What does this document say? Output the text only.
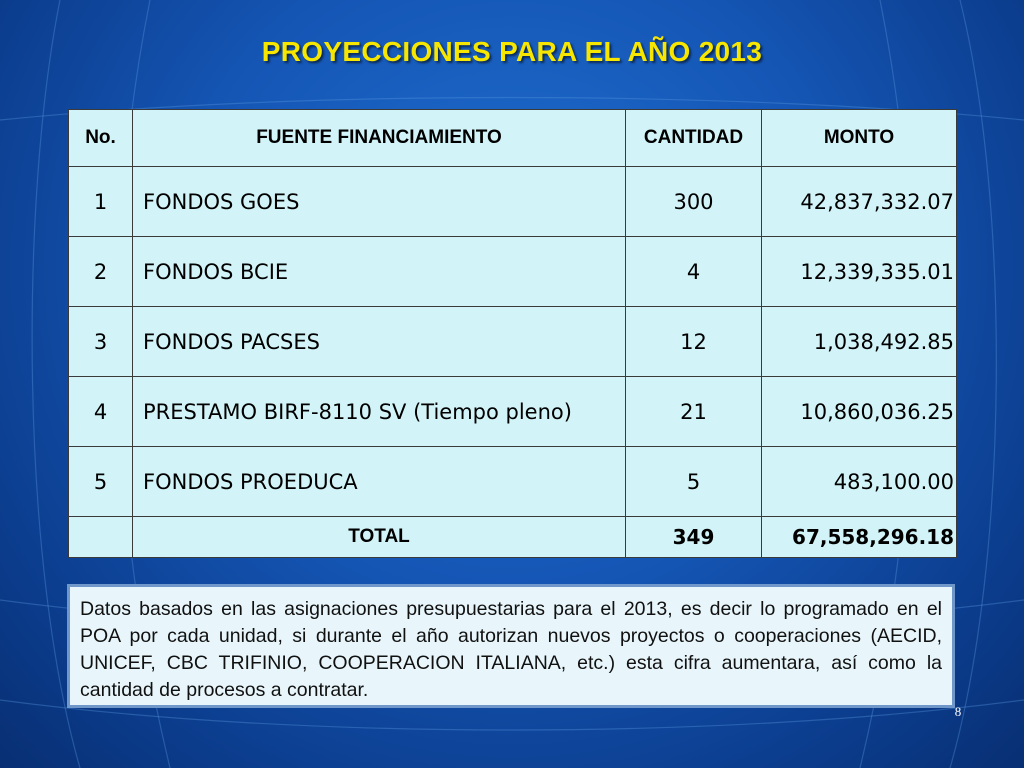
PROYECCIONES PARA EL AÑO 2013
No.	FUENTE FINANCIAMIENTO	CANTIDAD	MONTO
1	FONDOS GOES	300	42,837,332.07
2	FONDOS BCIE	4	12,339,335.01
3	FONDOS PACSES	12	1,038,492.85
4	PRESTAMO BIRF-8110 SV (Tiempo pleno)	21	10,860,036.25
5	FONDOS PROEDUCA	5	483,100.00
	TOTAL	349	67,558,296.18
Datos basados en las asignaciones presupuestarias para el 2013, es decir lo programado en el POA por cada unidad, si durante el año autorizan nuevos proyectos o cooperaciones (AECID, UNICEF, CBC TRIFINIO, COOPERACION ITALIANA, etc.) esta cifra aumentara, así como la cantidad de procesos a contratar.
8
